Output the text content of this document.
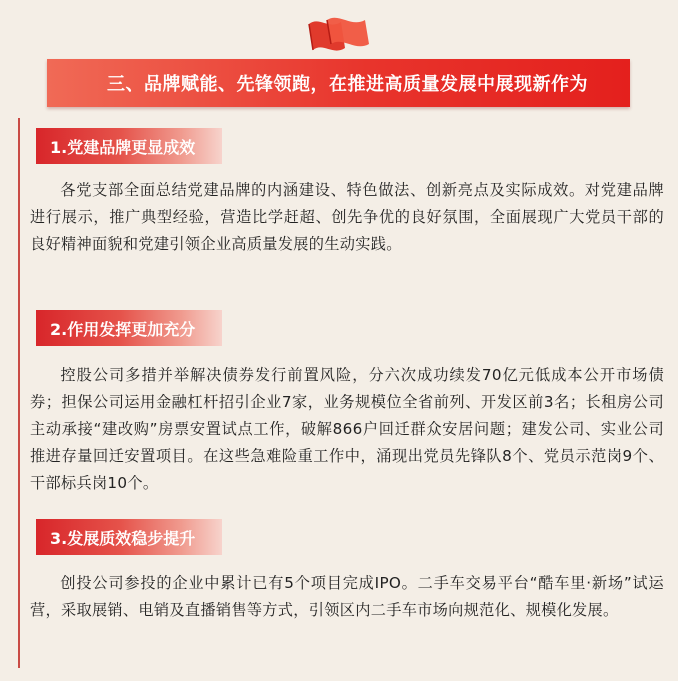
三、品牌赋能、先锋领跑，在推进高质量发展中展现新作为
1.党建品牌更显成效
各党支部全面总结党建品牌的内涵建设、特色做法、创新亮点及实际成效。对党建品牌进行展示，推广典型经验，营造比学赶超、创先争优的良好氛围，全面展现广大党员干部的良好精神面貌和党建引领企业高质量发展的生动实践。
2.作用发挥更加充分
控股公司多措并举解决债券发行前置风险，分六次成功续发70亿元低成本公开市场债券；担保公司运用金融杠杆招引企业7家，业务规模位全省前列、开发区前3名；长租房公司主动承接“建改购”房票安置试点工作，破解866户回迁群众安居问题；建发公司、实业公司推进存量回迁安置项目。在这些急难险重工作中，涌现出党员先锋队8个、党员示范岗9个、干部标兵岗10个。
3.发展质效稳步提升
创投公司参投的企业中累计已有5个项目完成IPO。二手车交易平台“酷车里·新场”试运营，采取展销、电销及直播销售等方式，引领区内二手车市场向规范化、规模化发展。
